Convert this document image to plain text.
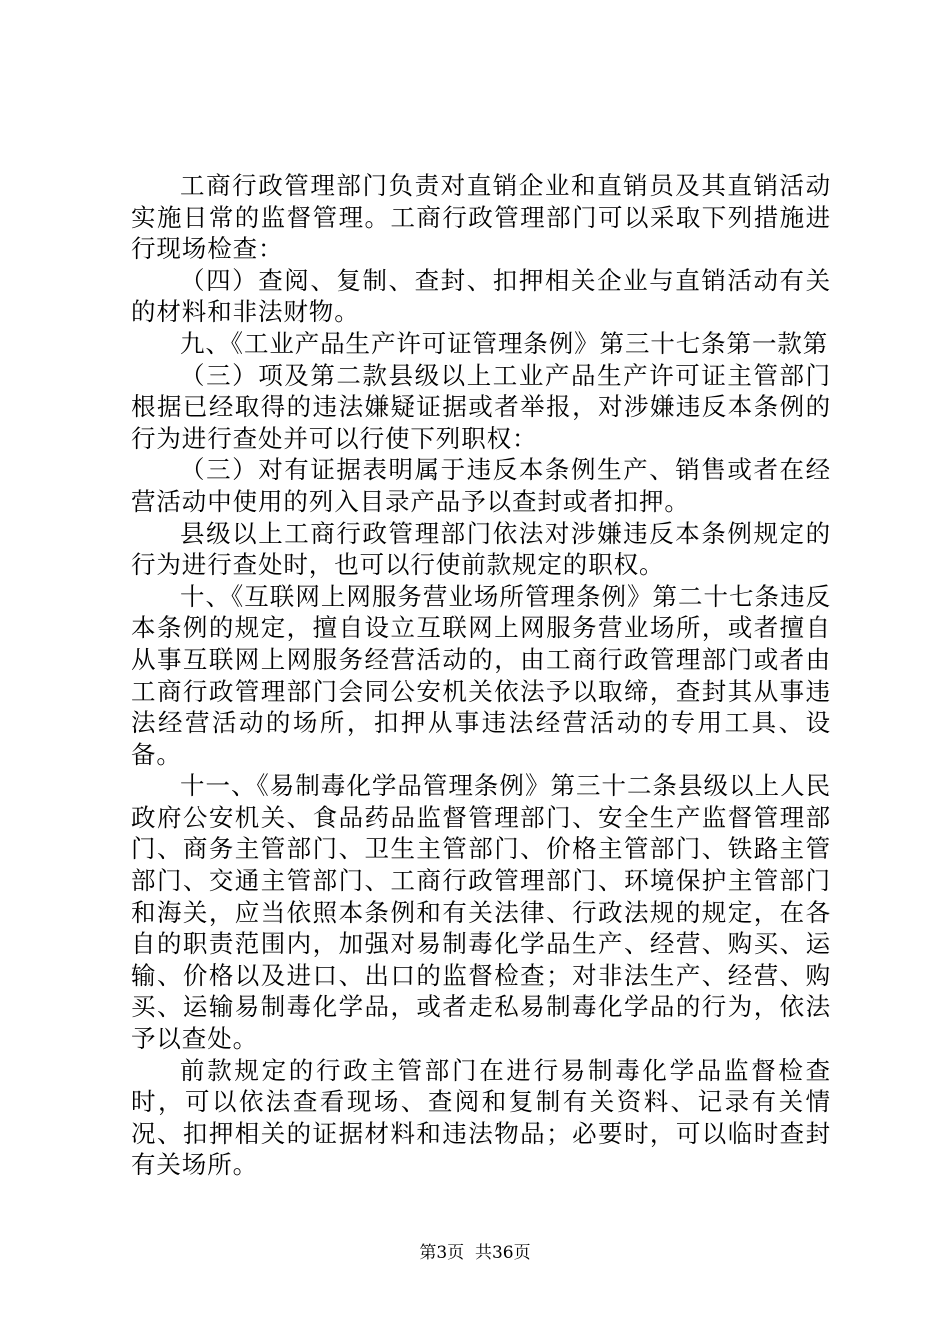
工商行政管理部门负责对直销企业和直销员及其直销活动实施日常的监督管理。工商行政管理部门可以采取下列措施进行现场检查：

（四）查阅、复制、查封、扣押相关企业与直销活动有关的材料和非法财物。

九、《工业产品生产许可证管理条例》第三十七条第一款第

（三）项及第二款县级以上工业产品生产许可证主管部门根据已经取得的违法嫌疑证据或者举报，对涉嫌违反本条例的行为进行查处并可以行使下列职权：

（三）对有证据表明属于违反本条例生产、销售或者在经营活动中使用的列入目录产品予以查封或者扣押。

县级以上工商行政管理部门依法对涉嫌违反本条例规定的行为进行查处时，也可以行使前款规定的职权。

十、《互联网上网服务营业场所管理条例》第二十七条违反本条例的规定，擅自设立互联网上网服务营业场所，或者擅自从事互联网上网服务经营活动的，由工商行政管理部门或者由工商行政管理部门会同公安机关依法予以取缔，查封其从事违法经营活动的场所，扣押从事违法经营活动的专用工具、设备。

十一、《易制毒化学品管理条例》第三十二条县级以上人民政府公安机关、食品药品监督管理部门、安全生产监督管理部门、商务主管部门、卫生主管部门、价格主管部门、铁路主管部门、交通主管部门、工商行政管理部门、环境保护主管部门和海关，应当依照本条例和有关法律、行政法规的规定，在各自的职责范围内，加强对易制毒化学品生产、经营、购买、运输、价格以及进口、出口的监督检查；对非法生产、经营、购买、运输易制毒化学品，或者走私易制毒化学品的行为，依法予以查处。

前款规定的行政主管部门在进行易制毒化学品监督检查时，可以依法查看现场、查阅和复制有关资料、记录有关情况、扣押相关的证据材料和违法物品；必要时，可以临时查封有关场所。

第3页  共36页
